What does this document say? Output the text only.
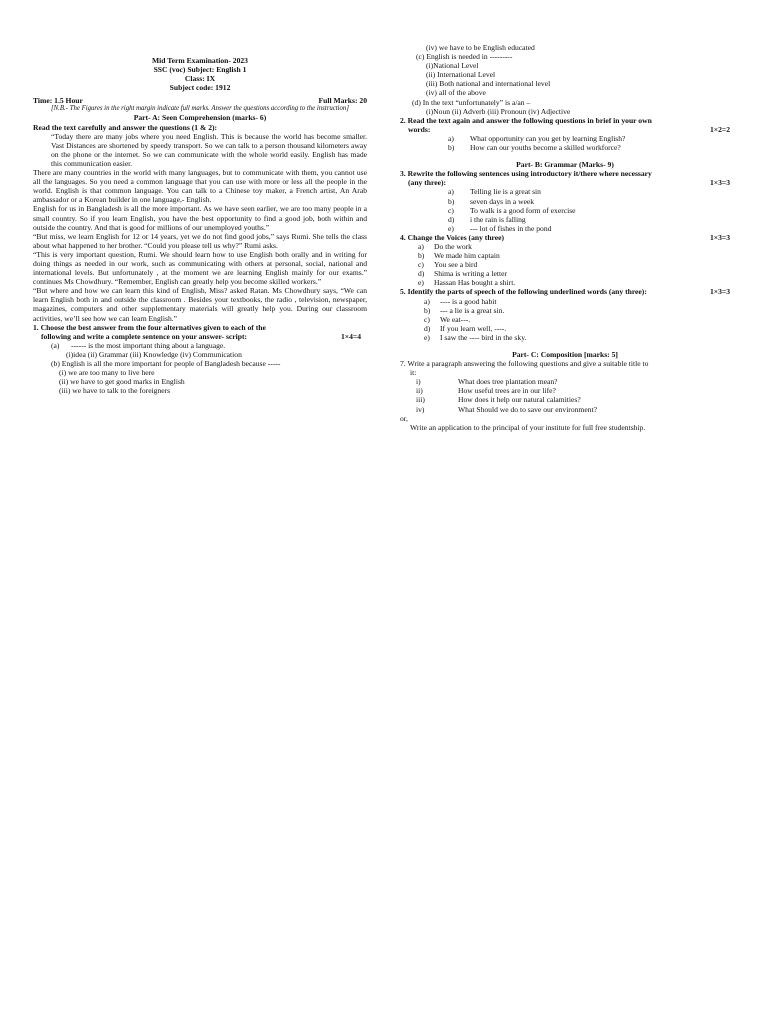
Mid Term Examination- 2023
SSC (voc) Subject: English 1
Class: IX
Subject code: 1912
Time: 1.5 Hour	Full Marks: 20
[N.B.- The Figures in the right margin indicate full marks. Answer the questions according to the instruction]
Part- A: Seen Comprehension (marks- 6)
Read the text carefully and answer the questions (1 & 2):

“Today there are many jobs where you need English. This is because the world has become smaller. Vast Distances are shortened by speedy transport. So we can talk to a person thousand kilometers away on the phone or the internet. So we can communicate with the whole world easily. English has made this communication easier.

There are many countries in the world with many languages, but to communicate with them, you cannot use all the languages. So you need a common language that you can use with more or less all the people in the world. English is that common language. You can talk to a Chinese toy maker, a French artist, An Arab ambassador or a Korean builder in one language,- English.

English for us in Bangladesh is all the more important. As we have seen earlier, we are too many people in a small country. So if you learn English, you have the best opportunity to find a good job, both within and outside the country. And that is good for millions of our unemployed youths.”

“But miss, we learn English for 12 or 14 years, yet we do not find good jobs,” says Rumi. She tells the class about what happened to her brother. “Could you please tell us why?” Rumi asks.

“This is very important question, Rumi. We should learn how to use English both orally and in writing for doing things as needed in our work, such as communicating with others at personal, social, national and international levels. But unfortunately , at the moment we are learning English mainly for our exams.” continues Ms Chowdhury. “Remember, English can greatly help you become skilled workers.”

“But where and how we can learn this kind of English, Miss? asked Ratan. Ms Chowdhury says, “We can learn English both in and outside the classroom . Besides your textbooks, the radio , television, newspaper, magazines, computers and other supplementary materials will greatly help you. During our classroom activities, we’ll see how we can learn English.”

1. Choose the best answer from the four alternatives given to each of the
following and write a complete sentence on your answer- script:	1×4=4
(a)	------ is the most important thing about a language.
(i)idea (ii) Grammar (iii) Knowledge (iv) Communication
(b) English is all the more important for people of Bangladesh because -----
(i) we are too many to live here
(ii) we have to get good marks in English
(iii) we have to talk to the foreigners
(iv) we have to be English educated
(c) English is needed in ---------
(i)National Level
(ii) International Level
(iii) Both national and international level
(iv) all of the above
(d) In the text “unfortunately” is a/an –
(i)Noun (ii) Adverb (iii) Pronoun (iv) Adjective
2. Read the text again and answer the following questions in brief in your own
words:	1×2=2
a)	What opportunity can you get by learning English?
b)	How can our youths become a skilled workforce?
Part- B: Grammar (Marks- 9)
3. Rewrite the following sentences using introductory it/there where necessary
(any three):	1×3=3
a)	Telling lie is a great sin
b)	seven days in a week
c)	To walk is a good form of exercise
d)	i the rain is falling
e)	--- lot of fishes in the pond
4. Change the Voices (any three)	1×3=3
a)	Do the work
b)	We made him captain
c)	You see a bird
d)	Shima is writing a letter
e)	Hassan Has bought a shirt.
5. Identify the parts of speech of the following underlined words (any three):	1×3=3
a)	---- is a good habit
b)	--- a lie is a great sin.
c)	We eat---.
d)	If you learn well, ----.
e)	I saw the ---- bird in the sky.
Part- C: Composition [marks: 5]
7. Write a paragraph answering the following questions and give a suitable title to
it:
i)	What does tree plantation mean?
ii)	How useful trees are in our life?
iii)	How does it help our natural calamities?
iv)	What Should we do to save our environment?
or,
Write an application to the principal of your institute for full free studentship.
